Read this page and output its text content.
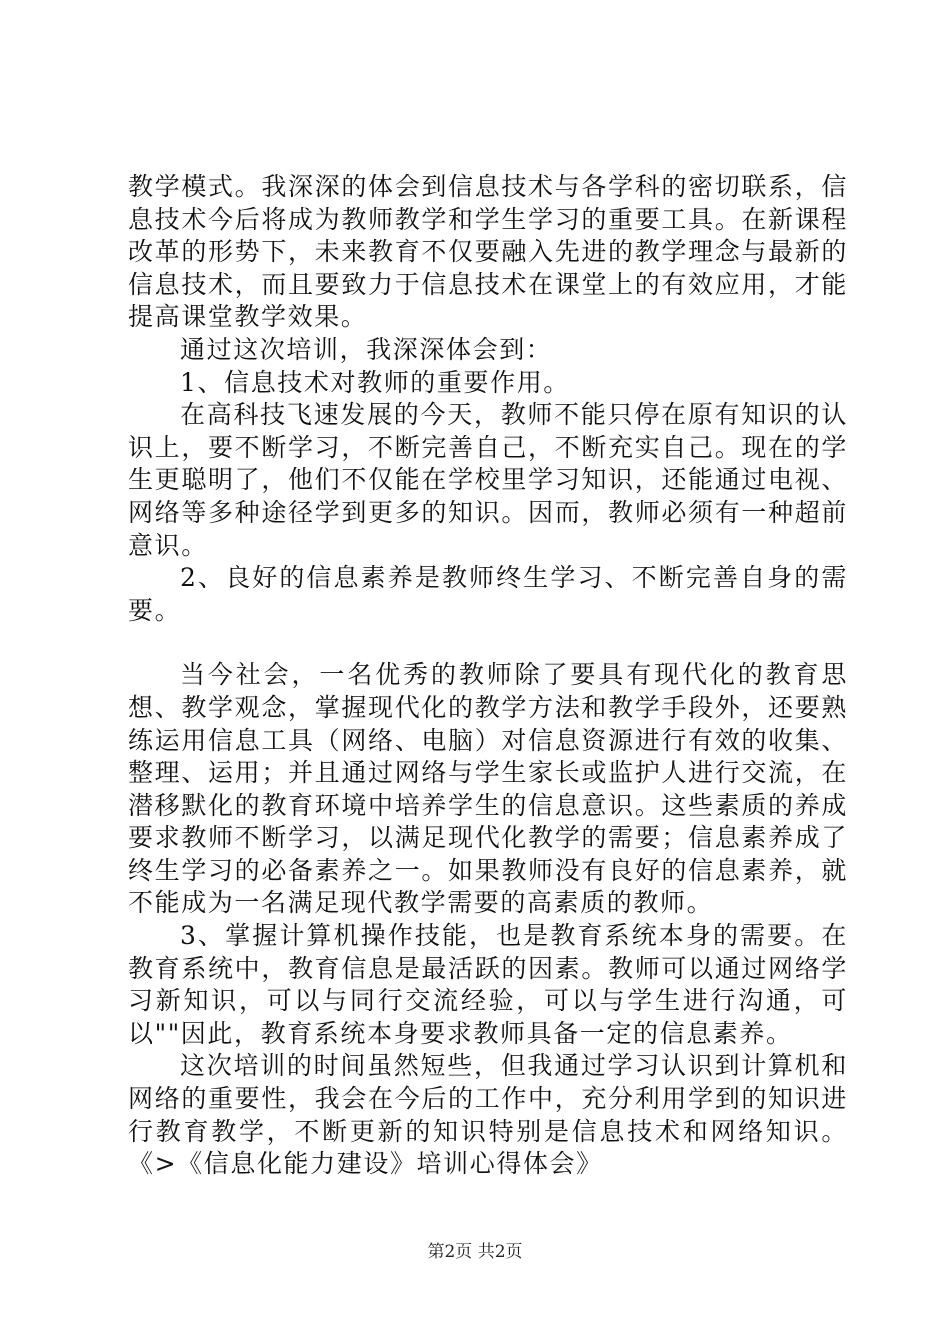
教学模式。我深深的体会到信息技术与各学科的密切联系，信息技术今后将成为教师教学和学生学习的重要工具。在新课程改革的形势下，未来教育不仅要融入先进的教学理念与最新的信息技术，而且要致力于信息技术在课堂上的有效应用，才能提高课堂教学效果。

通过这次培训，我深深体会到：

1、信息技术对教师的重要作用。

在高科技飞速发展的今天，教师不能只停在原有知识的认识上，要不断学习，不断完善自己，不断充实自己。现在的学生更聪明了，他们不仅能在学校里学习知识，还能通过电视、网络等多种途径学到更多的知识。因而，教师必须有一种超前意识。

2、良好的信息素养是教师终生学习、不断完善自身的需要。

当今社会，一名优秀的教师除了要具有现代化的教育思想、教学观念，掌握现代化的教学方法和教学手段外，还要熟练运用信息工具（网络、电脑）对信息资源进行有效的收集、整理、运用；并且通过网络与学生家长或监护人进行交流，在潜移默化的教育环境中培养学生的信息意识。这些素质的养成要求教师不断学习，以满足现代化教学的需要；信息素养成了终生学习的必备素养之一。如果教师没有良好的信息素养，就不能成为一名满足现代教学需要的高素质的教师。

3、掌握计算机操作技能，也是教育系统本身的需要。在教育系统中，教育信息是最活跃的因素。教师可以通过网络学习新知识，可以与同行交流经验，可以与学生进行沟通，可以""因此，教育系统本身要求教师具备一定的信息素养。

这次培训的时间虽然短些，但我通过学习认识到计算机和网络的重要性，我会在今后的工作中，充分利用学到的知识进行教育教学，不断更新的知识特别是信息技术和网络知识。《>《信息化能力建设》培训心得体会》

第2页 共2页
